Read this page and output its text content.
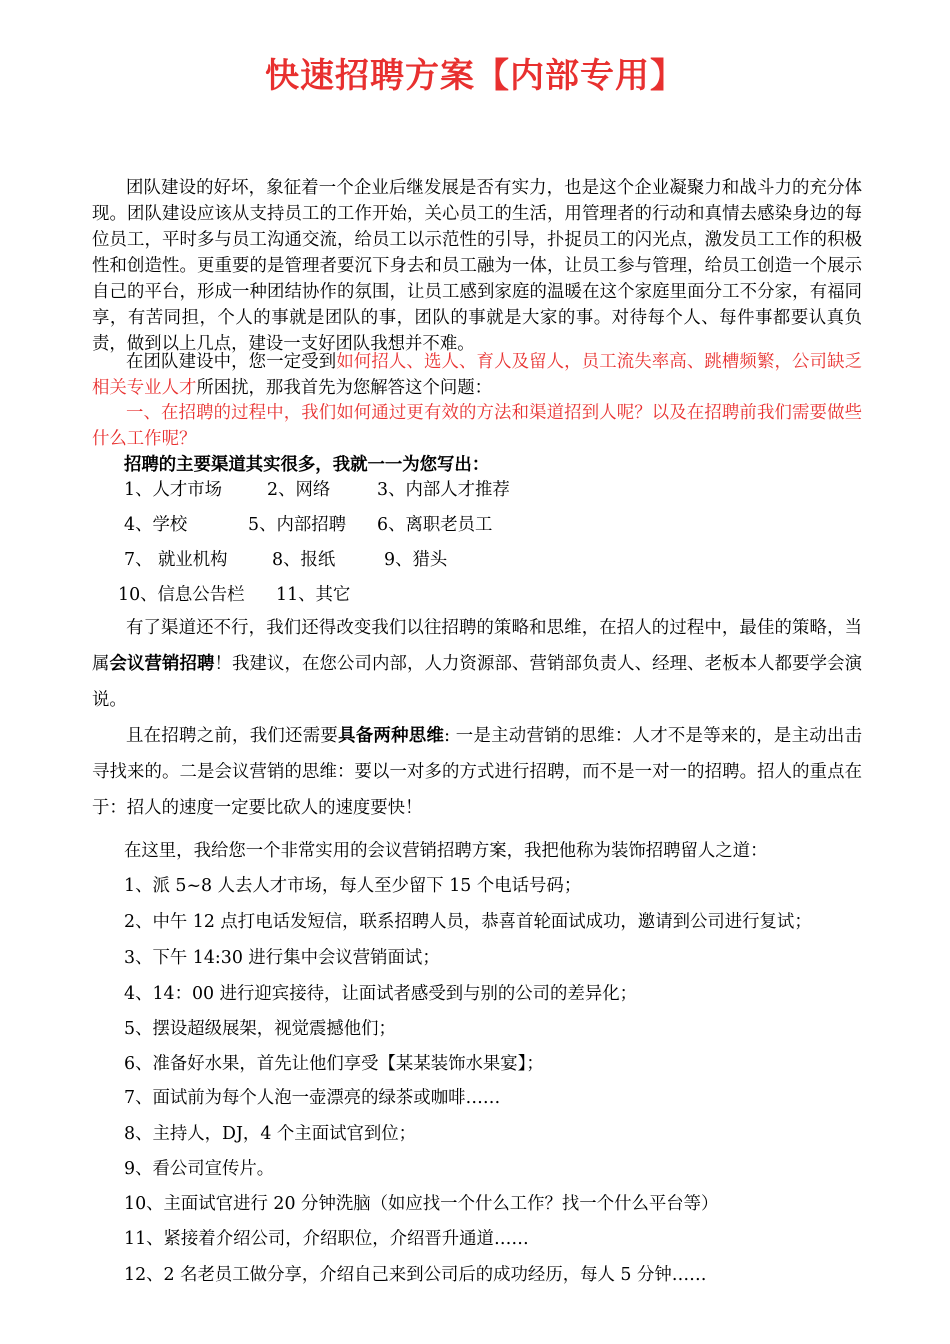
快速招聘方案【内部专用】
团队建设的好坏，象征着一个企业后继发展是否有实力，也是这个企业凝聚力和战斗力的充分体现。团队建设应该从支持员工的工作开始，关心员工的生活，用管理者的行动和真情去感染身边的每位员工，平时多与员工沟通交流，给员工以示范性的引导，扑捉员工的闪光点，激发员工工作的积极性和创造性。更重要的是管理者要沉下身去和员工融为一体，让员工参与管理，给员工创造一个展示自己的平台，形成一种团结协作的氛围，让员工感到家庭的温暖在这个家庭里面分工不分家，有福同享，有苦同担，个人的事就是团队的事，团队的事就是大家的事。对待每个人、每件事都要认真负责，做到以上几点，建设一支好团队我想并不难。
在团队建设中，您一定受到如何招人、选人、育人及留人，员工流失率高、跳槽频繁，公司缺乏相关专业人才所困扰，那我首先为您解答这个问题：
一、在招聘的过程中，我们如何通过更有效的方法和渠道招到人呢？以及在招聘前我们需要做些什么工作呢？
招聘的主要渠道其实很多，我就一一为您写出：
1、人才市场	2、网络	3、内部人才推荐
4、学校	5、内部招聘 6、离职老员工
7、 就业机构	8、报纸	9、猎头
10、信息公告栏 11、其它
有了渠道还不行，我们还得改变我们以往招聘的策略和思维，在招人的过程中，最佳的策略，当属会议营销招聘！我建议，在您公司内部，人力资源部、营销部负责人、经理、老板本人都要学会演说。
且在招聘之前，我们还需要具备两种思维: 一是主动营销的思维：人才不是等来的，是主动出击寻找来的。二是会议营销的思维：要以一对多的方式进行招聘，而不是一对一的招聘。招人的重点在于：招人的速度一定要比砍人的速度要快！
在这里，我给您一个非常实用的会议营销招聘方案，我把他称为装饰招聘留人之道：
1、派 5~8 人去人才市场，每人至少留下 15 个电话号码；
2、中午 12 点打电话发短信，联系招聘人员，恭喜首轮面试成功，邀请到公司进行复试；
3、下午 14:30 进行集中会议营销面试；
4、14：00 进行迎宾接待，让面试者感受到与别的公司的差异化；
5、摆设超级展架，视觉震撼他们；
6、准备好水果，首先让他们享受【某某装饰水果宴】；
7、面试前为每个人泡一壶漂亮的绿茶或咖啡……
8、主持人，DJ，4 个主面试官到位；
9、看公司宣传片。
10、主面试官进行 20 分钟洗脑（如应找一个什么工作？找一个什么平台等）
11、紧接着介绍公司，介绍职位，介绍晋升通道……
12、2 名老员工做分享，介绍自己来到公司后的成功经历，每人 5 分钟……
